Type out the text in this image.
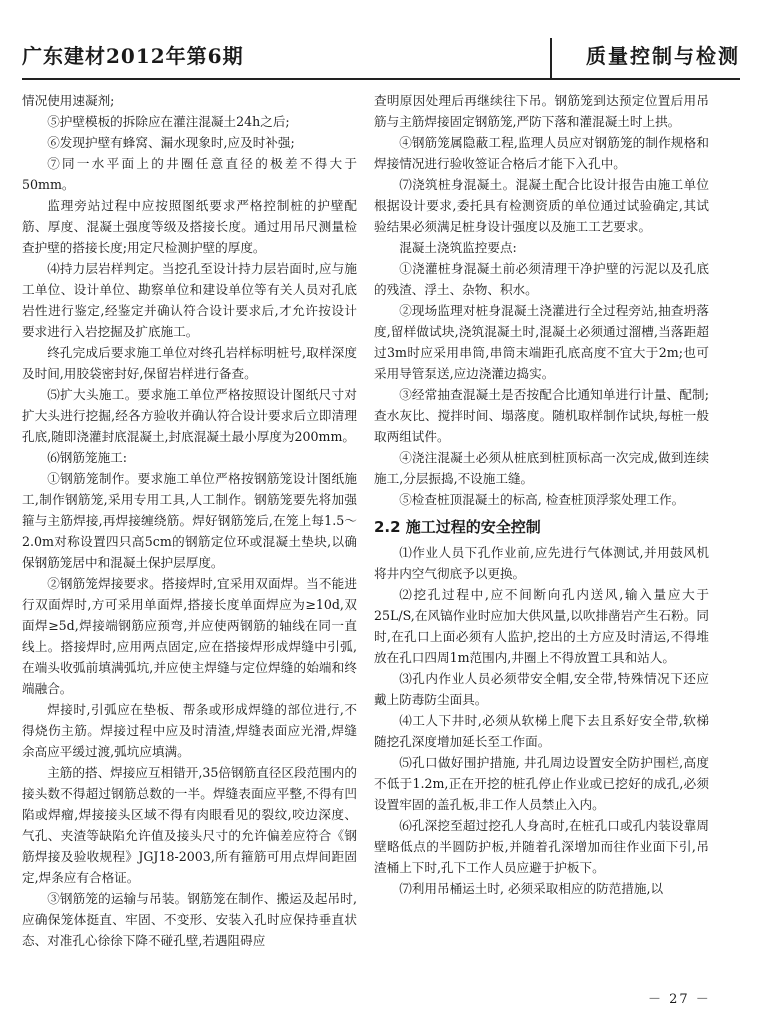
广东建材2012年第6期	质量控制与检测

情况使用速凝剂;

⑤护壁模板的拆除应在灌注混凝土24h之后;

⑥发现护壁有蜂窝、漏水现象时,应及时补强;

⑦同一水平面上的井圈任意直径的极差不得大于50mm。

监理旁站过程中应按照图纸要求严格控制桩的护壁配筋、厚度、混凝土强度等级及搭接长度。通过用吊尺测量检查护壁的搭接长度;用定尺检测护壁的厚度。

⑷持力层岩样判定。当挖孔至设计持力层岩面时,应与施工单位、设计单位、勘察单位和建设单位等有关人员对孔底岩性进行鉴定,经鉴定并确认符合设计要求后,才允许按设计要求进行入岩挖掘及扩底施工。

终孔完成后要求施工单位对终孔岩样标明桩号,取样深度及时间,用胶袋密封好,保留岩样进行备查。

⑸扩大头施工。要求施工单位严格按照设计图纸尺寸对扩大头进行挖掘,经各方验收并确认符合设计要求后立即清理孔底,随即浇灌封底混凝土,封底混凝土最小厚度为200mm。

⑹钢筋笼施工:

①钢筋笼制作。要求施工单位严格按钢筋笼设计图纸施工,制作钢筋笼,采用专用工具,人工制作。钢筋笼要先将加强箍与主筋焊接,再焊接缠绕筋。焊好钢筋笼后,在笼上每1.5～2.0m对称设置四只高5cm的钢筋定位环或混凝土垫块,以确保钢筋笼居中和混凝土保护层厚度。

②钢筋笼焊接要求。搭接焊时,宜采用双面焊。当不能进行双面焊时,方可采用单面焊,搭接长度单面焊应为≥10d,双面焊≥5d,焊接端钢筋应预弯,并应使两钢筋的轴线在同一直线上。搭接焊时,应用两点固定,应在搭接焊形成焊缝中引弧,在端头收弧前填满弧坑,并应使主焊缝与定位焊缝的始端和终端融合。

焊接时,引弧应在垫板、帮条或形成焊缝的部位进行,不得烧伤主筋。焊接过程中应及时清渣,焊缝表面应光滑,焊缝余高应平缓过渡,弧坑应填满。

主筋的搭、焊接应互相错开,35倍钢筋直径区段范围内的接头数不得超过钢筋总数的一半。焊缝表面应平整,不得有凹陷或焊瘤,焊接接头区域不得有肉眼看见的裂纹,咬边深度、气孔、夹渣等缺陷允许值及接头尺寸的允许偏差应符合《钢筋焊接及验收规程》JGJ18-2003,所有箍筋可用点焊间距固定,焊条应有合格证。

③钢筋笼的运输与吊装。钢筋笼在制作、搬运及起吊时,应确保笼体挺直、牢固、不变形、安装入孔时应保持垂直状态、对准孔心徐徐下降不碰孔壁,若遇阻碍应

查明原因处理后再继续往下吊。钢筋笼到达预定位置后用吊筋与主筋焊接固定钢筋笼,严防下落和灌混凝土时上拱。

④钢筋笼属隐蔽工程,监理人员应对钢筋笼的制作规格和焊接情况进行验收签证合格后才能下入孔中。

⑺浇筑桩身混凝土。混凝土配合比设计报告由施工单位根据设计要求,委托具有检测资质的单位通过试验确定,其试验结果必须满足桩身设计强度以及施工工艺要求。

混凝土浇筑监控要点:

①浇灌桩身混凝土前必须清理干净护壁的污泥以及孔底的残渣、浮土、杂物、积水。

②现场监理对桩身混凝土浇灌进行全过程旁站,抽查坍落度,留样做试块,浇筑混凝土时,混凝土必须通过溜槽,当落距超过3m时应采用串筒,串筒末端距孔底高度不宜大于2m;也可采用导管泵送,应边浇灌边捣实。

③经常抽查混凝土是否按配合比通知单进行计量、配制;查水灰比、搅拌时间、塌落度。随机取样制作试块,每桩一般取两组试件。

④浇注混凝土必须从桩底到桩顶标高一次完成,做到连续施工,分层振捣,不设施工缝。

⑤检查桩顶混凝土的标高, 检查桩顶浮浆处理工作。

2.2 施工过程的安全控制

⑴作业人员下孔作业前,应先进行气体测试,并用鼓风机将井内空气彻底予以更换。

⑵挖孔过程中,应不间断向孔内送风,输入量应大于25L/S,在风镐作业时应加大供风量,以吹排凿岩产生石粉。同时,在孔口上面必须有人监护,挖出的土方应及时清运,不得堆放在孔口四周1m范围内,井圈上不得放置工具和站人。

⑶孔内作业人员必须带安全帽,安全带,特殊情况下还应戴上防毒防尘面具。

⑷工人下井时,必须从软梯上爬下去且系好安全带,软梯随挖孔深度增加延长至工作面。

⑸孔口做好围护措施, 井孔周边设置安全防护围栏,高度不低于1.2m,正在开挖的桩孔停止作业或已挖好的成孔,必须设置牢固的盖孔板,非工作人员禁止入内。

⑹孔深挖至超过挖孔人身高时,在桩孔口或孔内装设靠周壁略低点的半圆防护板,并随着孔深增加而往作业面下引,吊渣桶上下时,孔下工作人员应避于护板下。

⑺利用吊桶运土时, 必须采取相应的防范措施,以

－ 27 －
